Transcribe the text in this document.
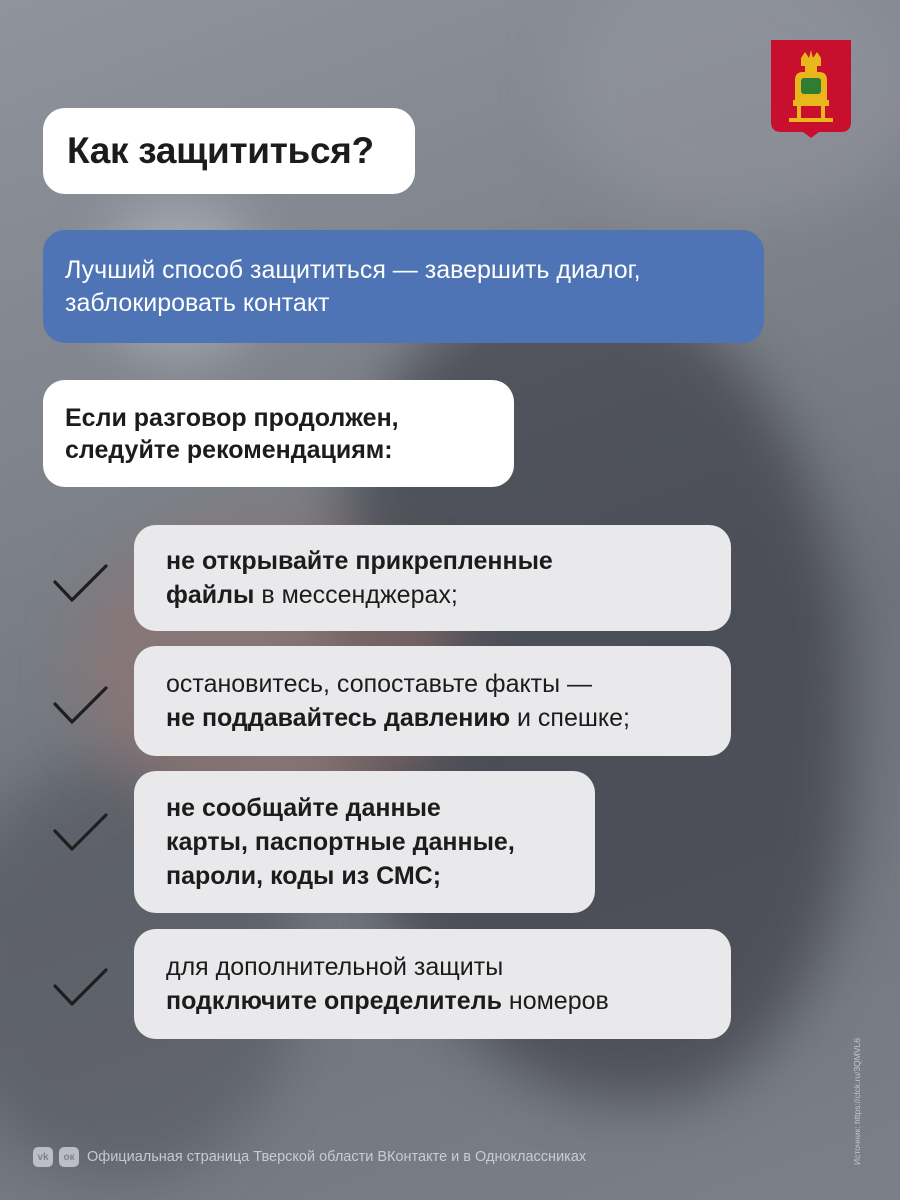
Как защититься?
Лучший способ защититься — завершить диалог,
заблокировать контакт
Если разговор продолжен,
следуйте рекомендациям:
не открывайте прикрепленные
файлы в мессенджерах;
остановитесь, сопоставьте факты —
не поддавайтесь давлению и спешке;
не сообщайте данные
карты, паспортные данные,
пароли, коды из СМС;
для дополнительной защиты
подключите определитель номеров
vk	ок Официальная страница Тверской области ВКонтакте и в Одноклассниках	Источник: https://clck.ru/3QMVL6
